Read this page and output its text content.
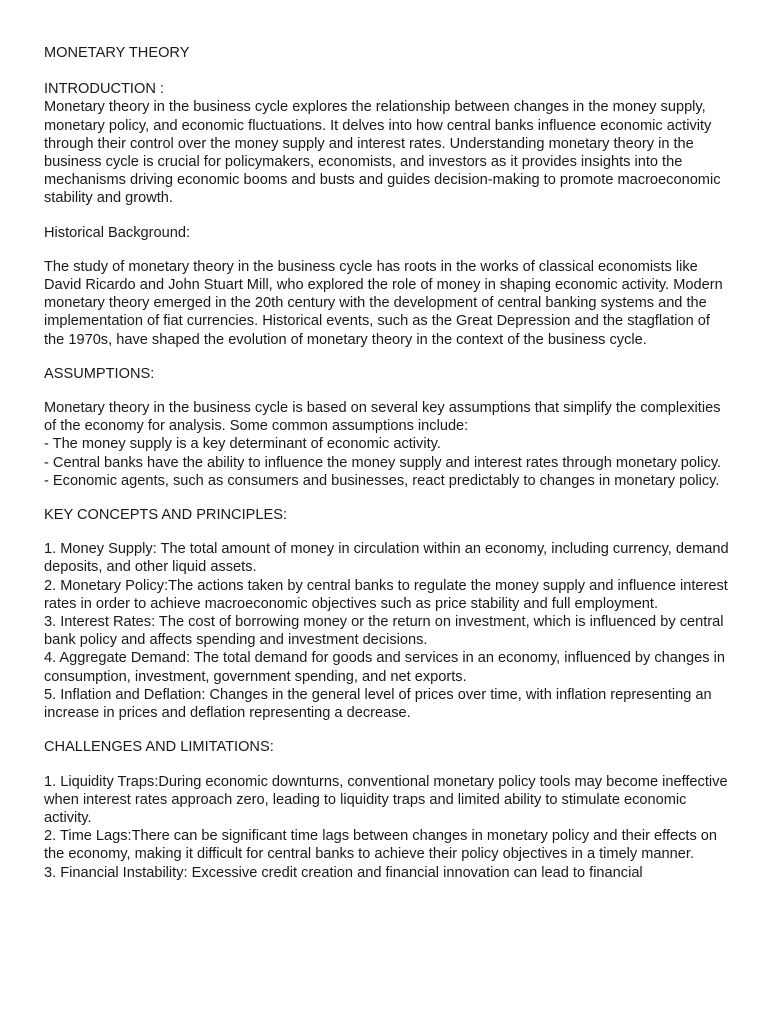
MONETARY THEORY

INTRODUCTION :

Monetary theory in the business cycle explores the relationship between changes in the money supply, monetary policy, and economic fluctuations. It delves into how central banks influence economic activity through their control over the money supply and interest rates. Understanding monetary theory in the business cycle is crucial for policymakers, economists, and investors as it provides insights into the mechanisms driving economic booms and busts and guides decision-making to promote macroeconomic stability and growth.

Historical Background:

The study of monetary theory in the business cycle has roots in the works of classical economists like David Ricardo and John Stuart Mill, who explored the role of money in shaping economic activity. Modern monetary theory emerged in the 20th century with the development of central banking systems and the implementation of fiat currencies. Historical events, such as the Great Depression and the stagflation of the 1970s, have shaped the evolution of monetary theory in the context of the business cycle.

ASSUMPTIONS:

Monetary theory in the business cycle is based on several key assumptions that simplify the complexities of the economy for analysis. Some common assumptions include:

- The money supply is a key determinant of economic activity.

- Central banks have the ability to influence the money supply and interest rates through monetary policy.

- Economic agents, such as consumers and businesses, react predictably to changes in monetary policy.

KEY CONCEPTS AND PRINCIPLES:

1. Money Supply: The total amount of money in circulation within an economy, including currency, demand deposits, and other liquid assets.

2. Monetary Policy:The actions taken by central banks to regulate the money supply and influence interest rates in order to achieve macroeconomic objectives such as price stability and full employment.

3. Interest Rates: The cost of borrowing money or the return on investment, which is influenced by central bank policy and affects spending and investment decisions.

4. Aggregate Demand: The total demand for goods and services in an economy, influenced by changes in consumption, investment, government spending, and net exports.

5. Inflation and Deflation: Changes in the general level of prices over time, with inflation representing an increase in prices and deflation representing a decrease.

CHALLENGES AND LIMITATIONS:

1. Liquidity Traps:During economic downturns, conventional monetary policy tools may become ineffective when interest rates approach zero, leading to liquidity traps and limited ability to stimulate economic activity.

2. Time Lags:There can be significant time lags between changes in monetary policy and their effects on the economy, making it difficult for central banks to achieve their policy objectives in a timely manner.

3. Financial Instability: Excessive credit creation and financial innovation can lead to financial
